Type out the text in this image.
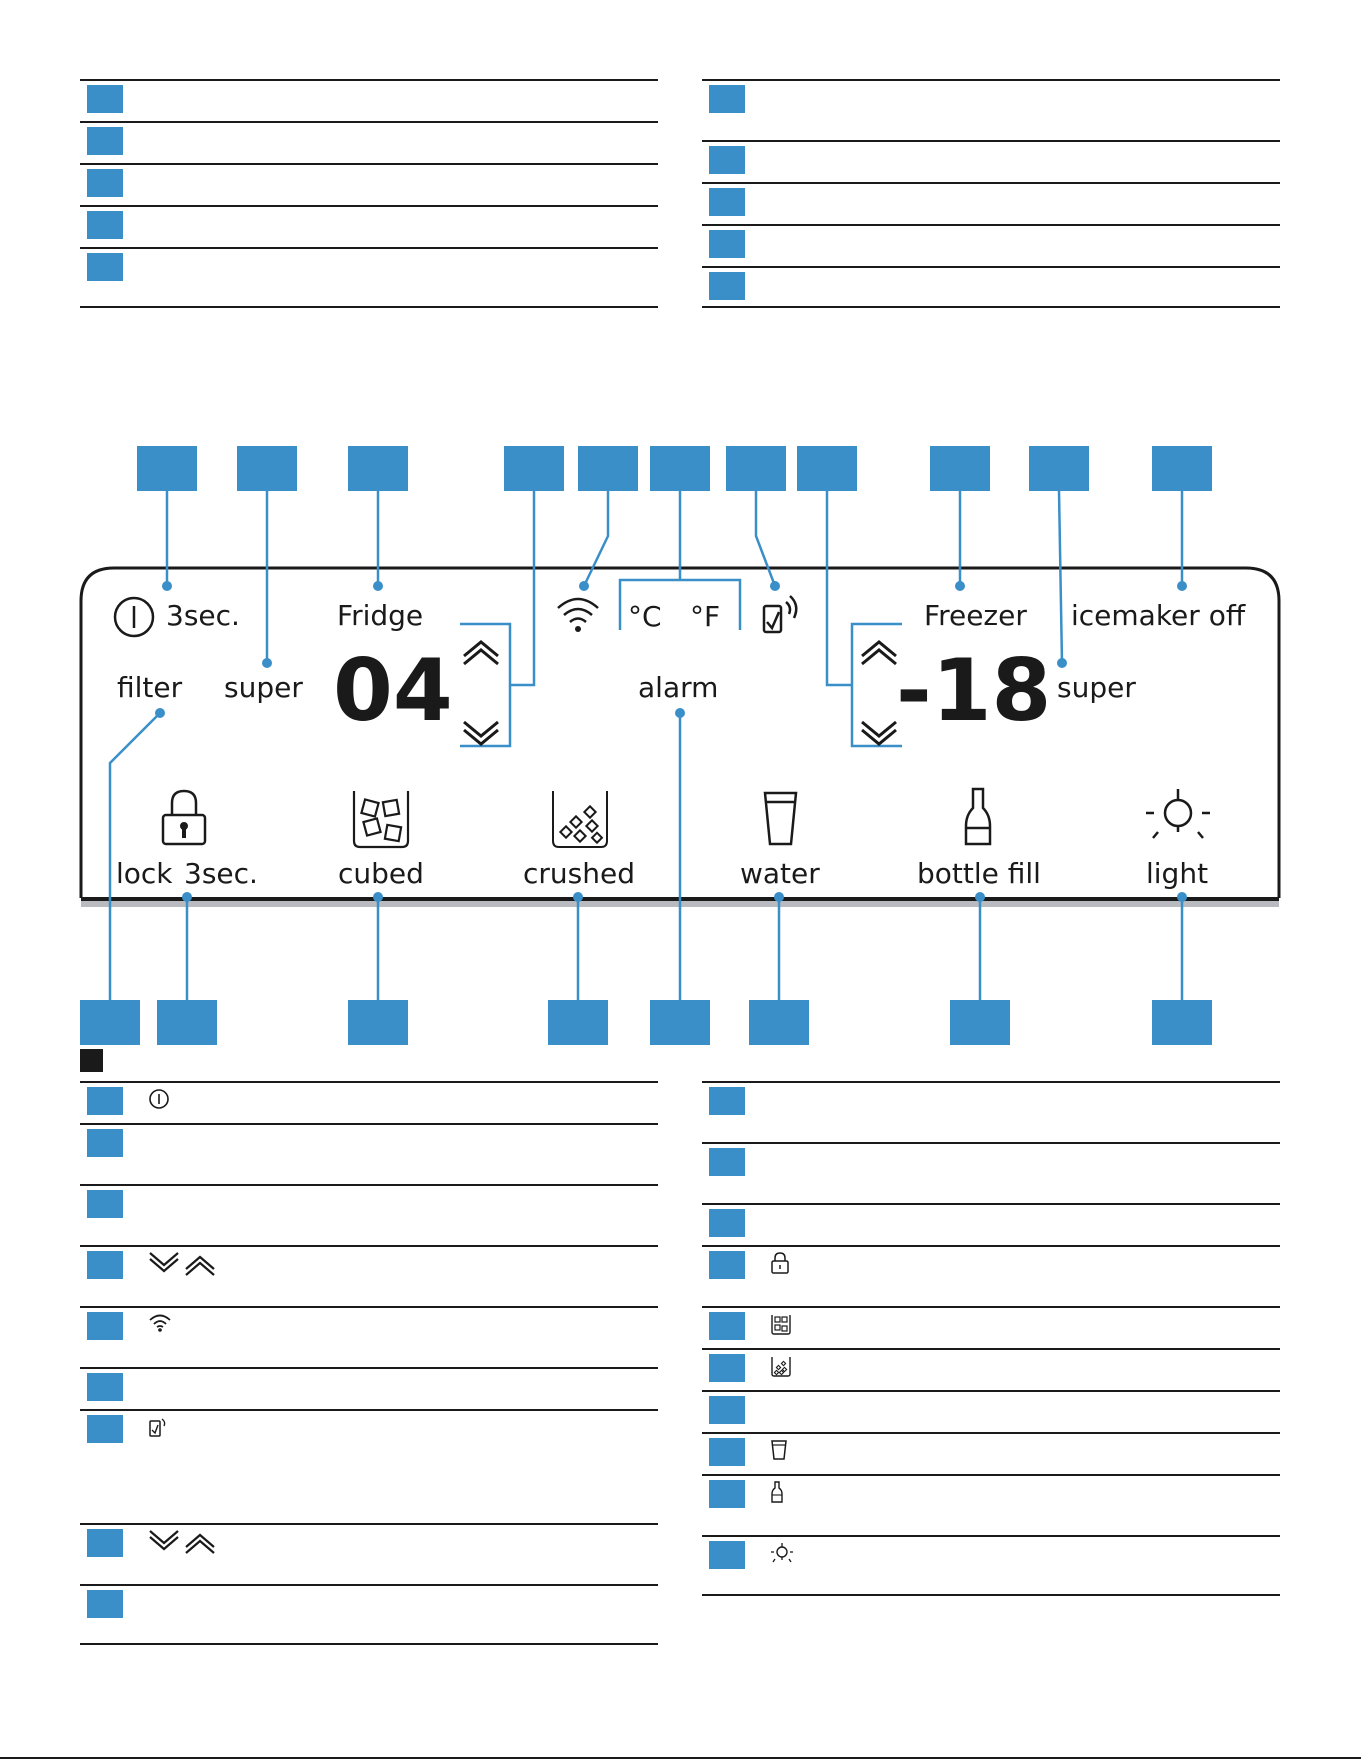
3sec.	Fridge
filter super 04
°C °F
alarm
Freezer icemaker off
-18 super
lock 3sec.	cubed	crushed	water	bottle fill	light
